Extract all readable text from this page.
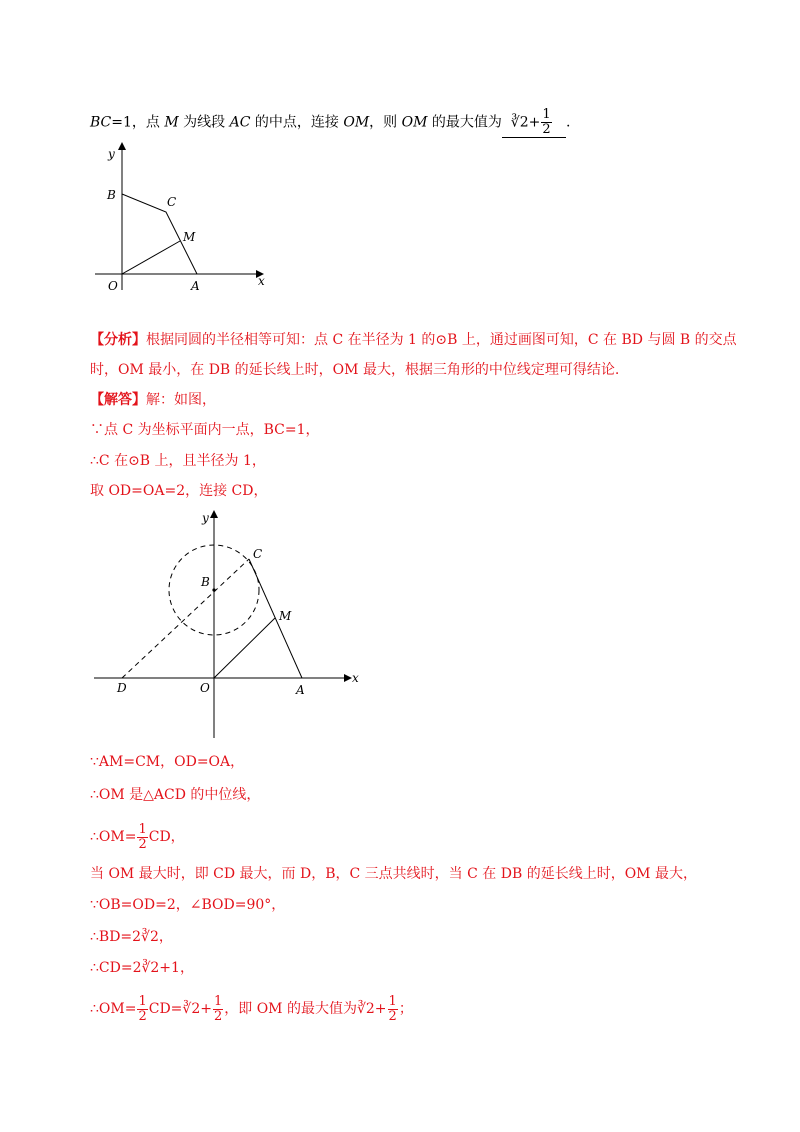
BC=1，点 M 为线段 AC 的中点，连接 OM，则 OM 的最大值为 ∛2+ $\frac{1}{2}$ .
y
B	C
M
O	A	x
【分析】根据同圆的半径相等可知：点 C 在半径为 1 的⊙B 上，通过画图可知，C 在 BD 与圆 B 的交点
时，OM 最小，在 DB 的延长线上时，OM 最大，根据三角形的中位线定理可得结论.
【解答】解：如图，
∵点 C 为坐标平面内一点，BC=1，
∴C 在⊙B 上，且半径为 1，
取 OD=OA=2，连接 CD，
y
C
B
M
D	O	A
x
∵AM=CM，OD=OA，
∴OM 是△ACD 的中位线，
∴OM= $\frac{1}{2}$ CD，
当 OM 最大时，即 CD 最大，而 D，B，C 三点共线时，当 C 在 DB 的延长线上时，OM 最大，
∵OB=OD=2，∠BOD=90°，
∴BD=2∛2，
∴CD=2∛2+1，
∴OM= $\frac{1}{2}$ CD=∛2+ $\frac{1}{2}$ ，即 OM 的最大值为∛2+ $\frac{1}{2}$ ；
